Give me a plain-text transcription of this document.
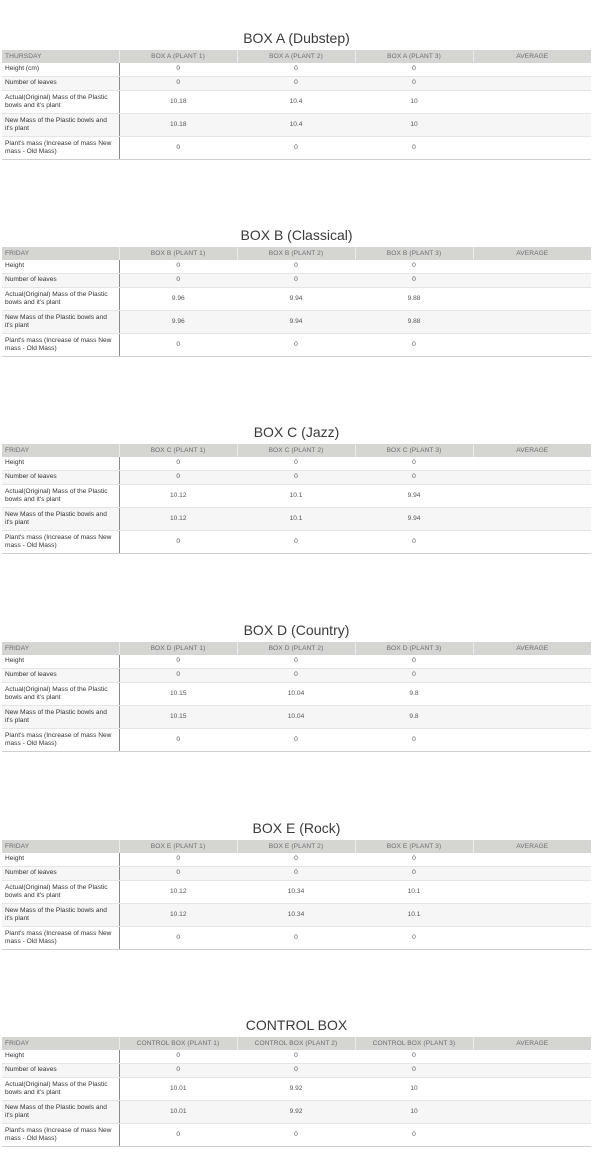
BOX A (Dubstep)
THURSDAY	BOX A (PLANT 1)	BOX A (PLANT 2)	BOX A (PLANT 3)	AVERAGE
Height (cm)	0	0	0	
Number of leaves	0	0	0	
Actual(Original) Mass of the Plastic bowls and it's plant	10.18	10.4	10	
New Mass of the Plastic bowls and it's plant	10.18	10.4	10	
Plant's mass (Increase of mass New mass - Old Mass)	0	0	0	
BOX B (Classical)
FRIDAY	BOX B (PLANT 1)	BOX B (PLANT 2)	BOX B (PLANT 3)	AVERAGE
Height	0	0	0	
Number of leaves	0	0	0	
Actual(Original) Mass of the Plastic bowls and it's plant	9.96	9.94	9.88	
New Mass of the Plastic bowls and it's plant	9.96	9.94	9.88	
Plant's mass (Increase of mass New mass - Old Mass)	0	0	0	
BOX C (Jazz)
FRIDAY	BOX C (PLANT 1)	BOX C (PLANT 2)	BOX C (PLANT 3)	AVERAGE
Height	0	0	0	
Number of leaves	0	0	0	
Actual(Original) Mass of the Plastic bowls and it's plant	10.12	10.1	9.94	
New Mass of the Plastic bowls and it's plant	10.12	10.1	9.94	
Plant's mass (Increase of mass New mass - Old Mass)	0	0	0	
BOX D (Country)
FRIDAY	BOX D (PLANT 1)	BOX D (PLANT 2)	BOX D (PLANT 3)	AVERAGE
Height	0	0	0	
Number of leaves	0	0	0	
Actual(Original) Mass of the Plastic bowls and it's plant	10.15	10.04	9.8	
New Mass of the Plastic bowls and it's plant	10.15	10.04	9.8	
Plant's mass (Increase of mass New mass - Old Mass)	0	0	0	
BOX E (Rock)
FRIDAY	BOX E (PLANT 1)	BOX E (PLANT 2)	BOX E (PLANT 3)	AVERAGE
Height	0	0	0	
Number of leaves	0	0	0	
Actual(Original) Mass of the Plastic bowls and it's plant	10.12	10.34	10.1	
New Mass of the Plastic bowls and it's plant	10.12	10.34	10.1	
Plant's mass (Increase of mass New mass - Old Mass)	0	0	0	
CONTROL BOX
FRIDAY	CONTROL BOX (PLANT 1)	CONTROL BOX (PLANT 2)	CONTROL BOX (PLANT 3)	AVERAGE
Height	0	0	0	
Number of leaves	0	0	0	
Actual(Original) Mass of the Plastic bowls and it's plant	10.01	9.92	10	
New Mass of the Plastic bowls and it's plant	10.01	9.92	10	
Plant's mass (Increase of mass New mass - Old Mass)	0	0	0	
